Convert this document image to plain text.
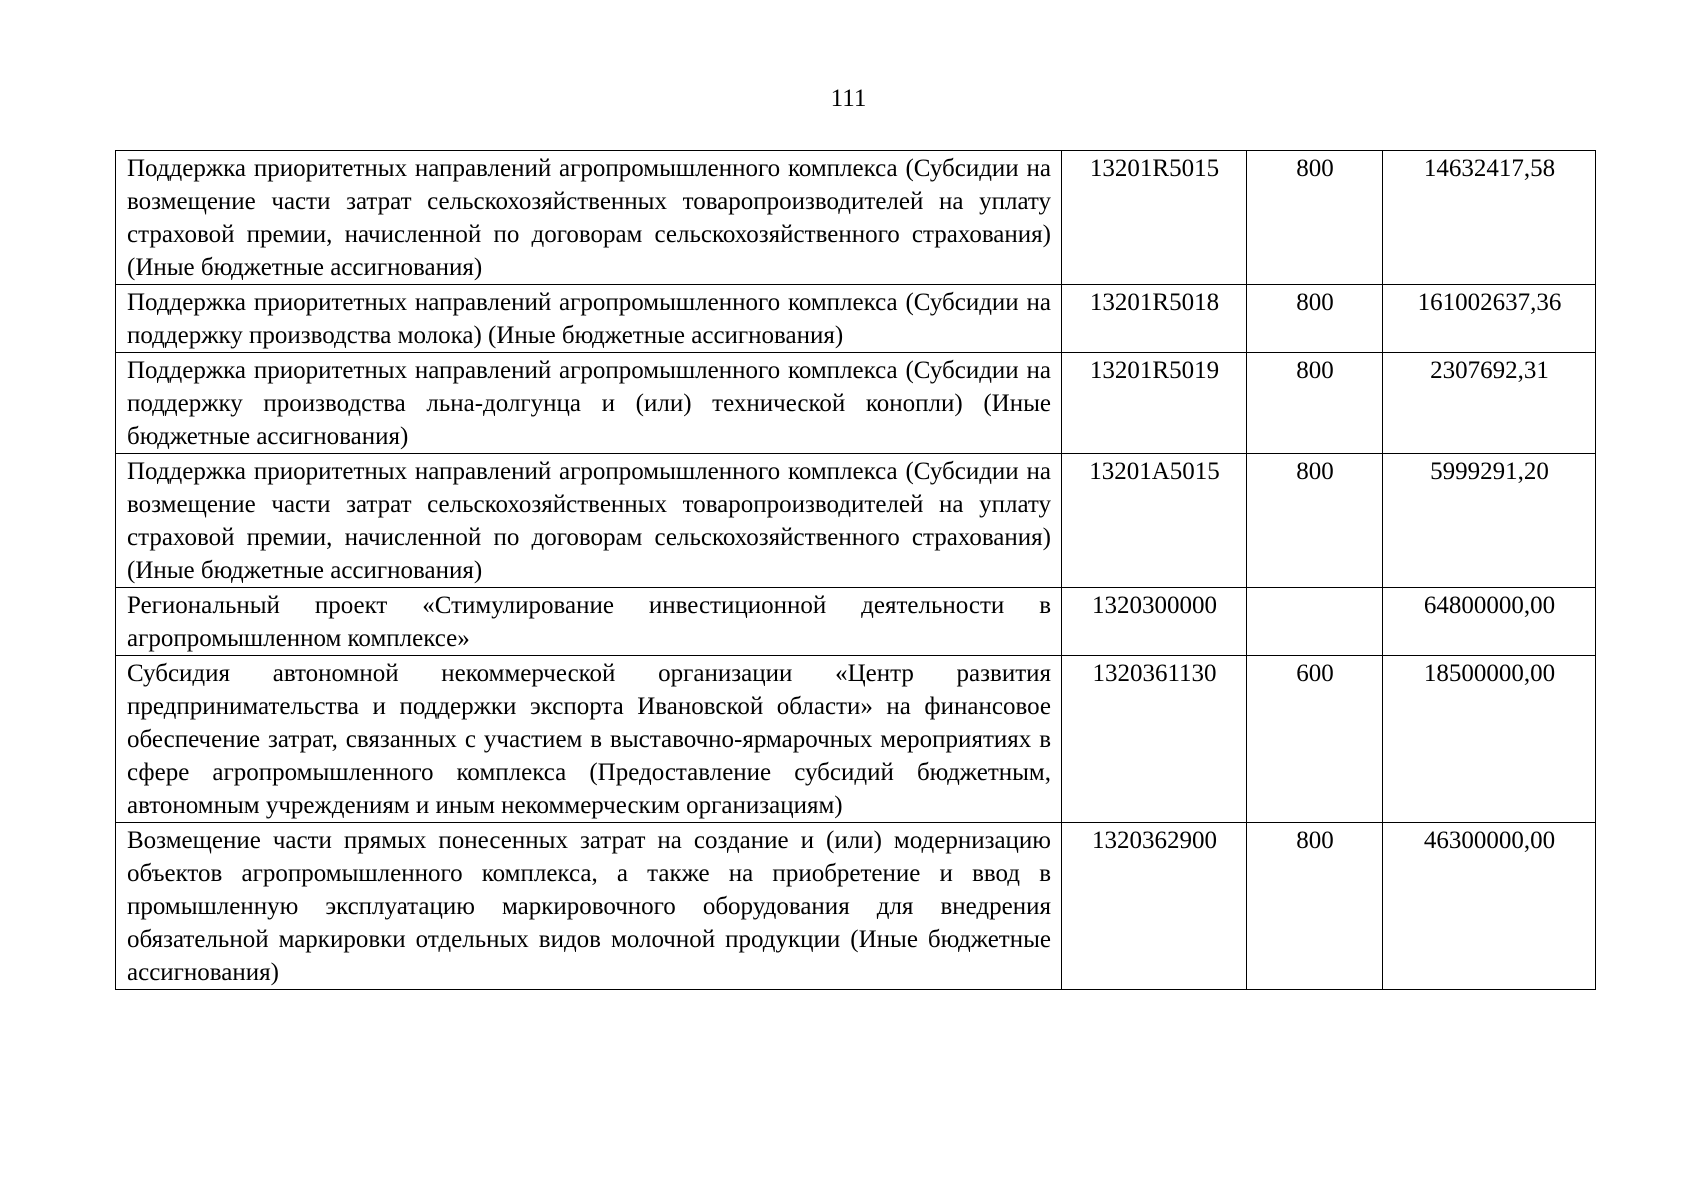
111
Поддержка приоритетных направлений агропромышленного комплекса (Субсидии на возмещение части затрат сельскохозяйственных товаропроизводителей на уплату страховой премии, начисленной по договорам сельскохозяйственного страхования) (Иные бюджетные ассигнования)	13201R5015	800	14632417,58
Поддержка приоритетных направлений агропромышленного комплекса (Субсидии на поддержку производства молока) (Иные бюджетные ассигнования)	13201R5018	800	161002637,36
Поддержка приоритетных направлений агропромышленного комплекса (Субсидии на поддержку производства льна-долгунца и (или) технической конопли) (Иные бюджетные ассигнования)	13201R5019	800	2307692,31
Поддержка приоритетных направлений агропромышленного комплекса (Субсидии на возмещение части затрат сельскохозяйственных товаропроизводителей на уплату страховой премии, начисленной по договорам сельскохозяйственного страхования) (Иные бюджетные ассигнования)	13201A5015	800	5999291,20
Региональный проект «Стимулирование инвестиционной деятельности в агропромышленном комплексе»	1320300000		64800000,00
Субсидия автономной некоммерческой организации «Центр развития предпринимательства и поддержки экспорта Ивановской области» на финансовое обеспечение затрат, связанных с участием в выставочно-ярмарочных мероприятиях в сфере агропромышленного комплекса (Предоставление субсидий бюджетным, автономным учреждениям и иным некоммерческим организациям)	1320361130	600	18500000,00
Возмещение части прямых понесенных затрат на создание и (или) модернизацию объектов агропромышленного комплекса, а также на приобретение и ввод в промышленную эксплуатацию маркировочного оборудования для внедрения обязательной маркировки отдельных видов молочной продукции (Иные бюджетные ассигнования)	1320362900	800	46300000,00
